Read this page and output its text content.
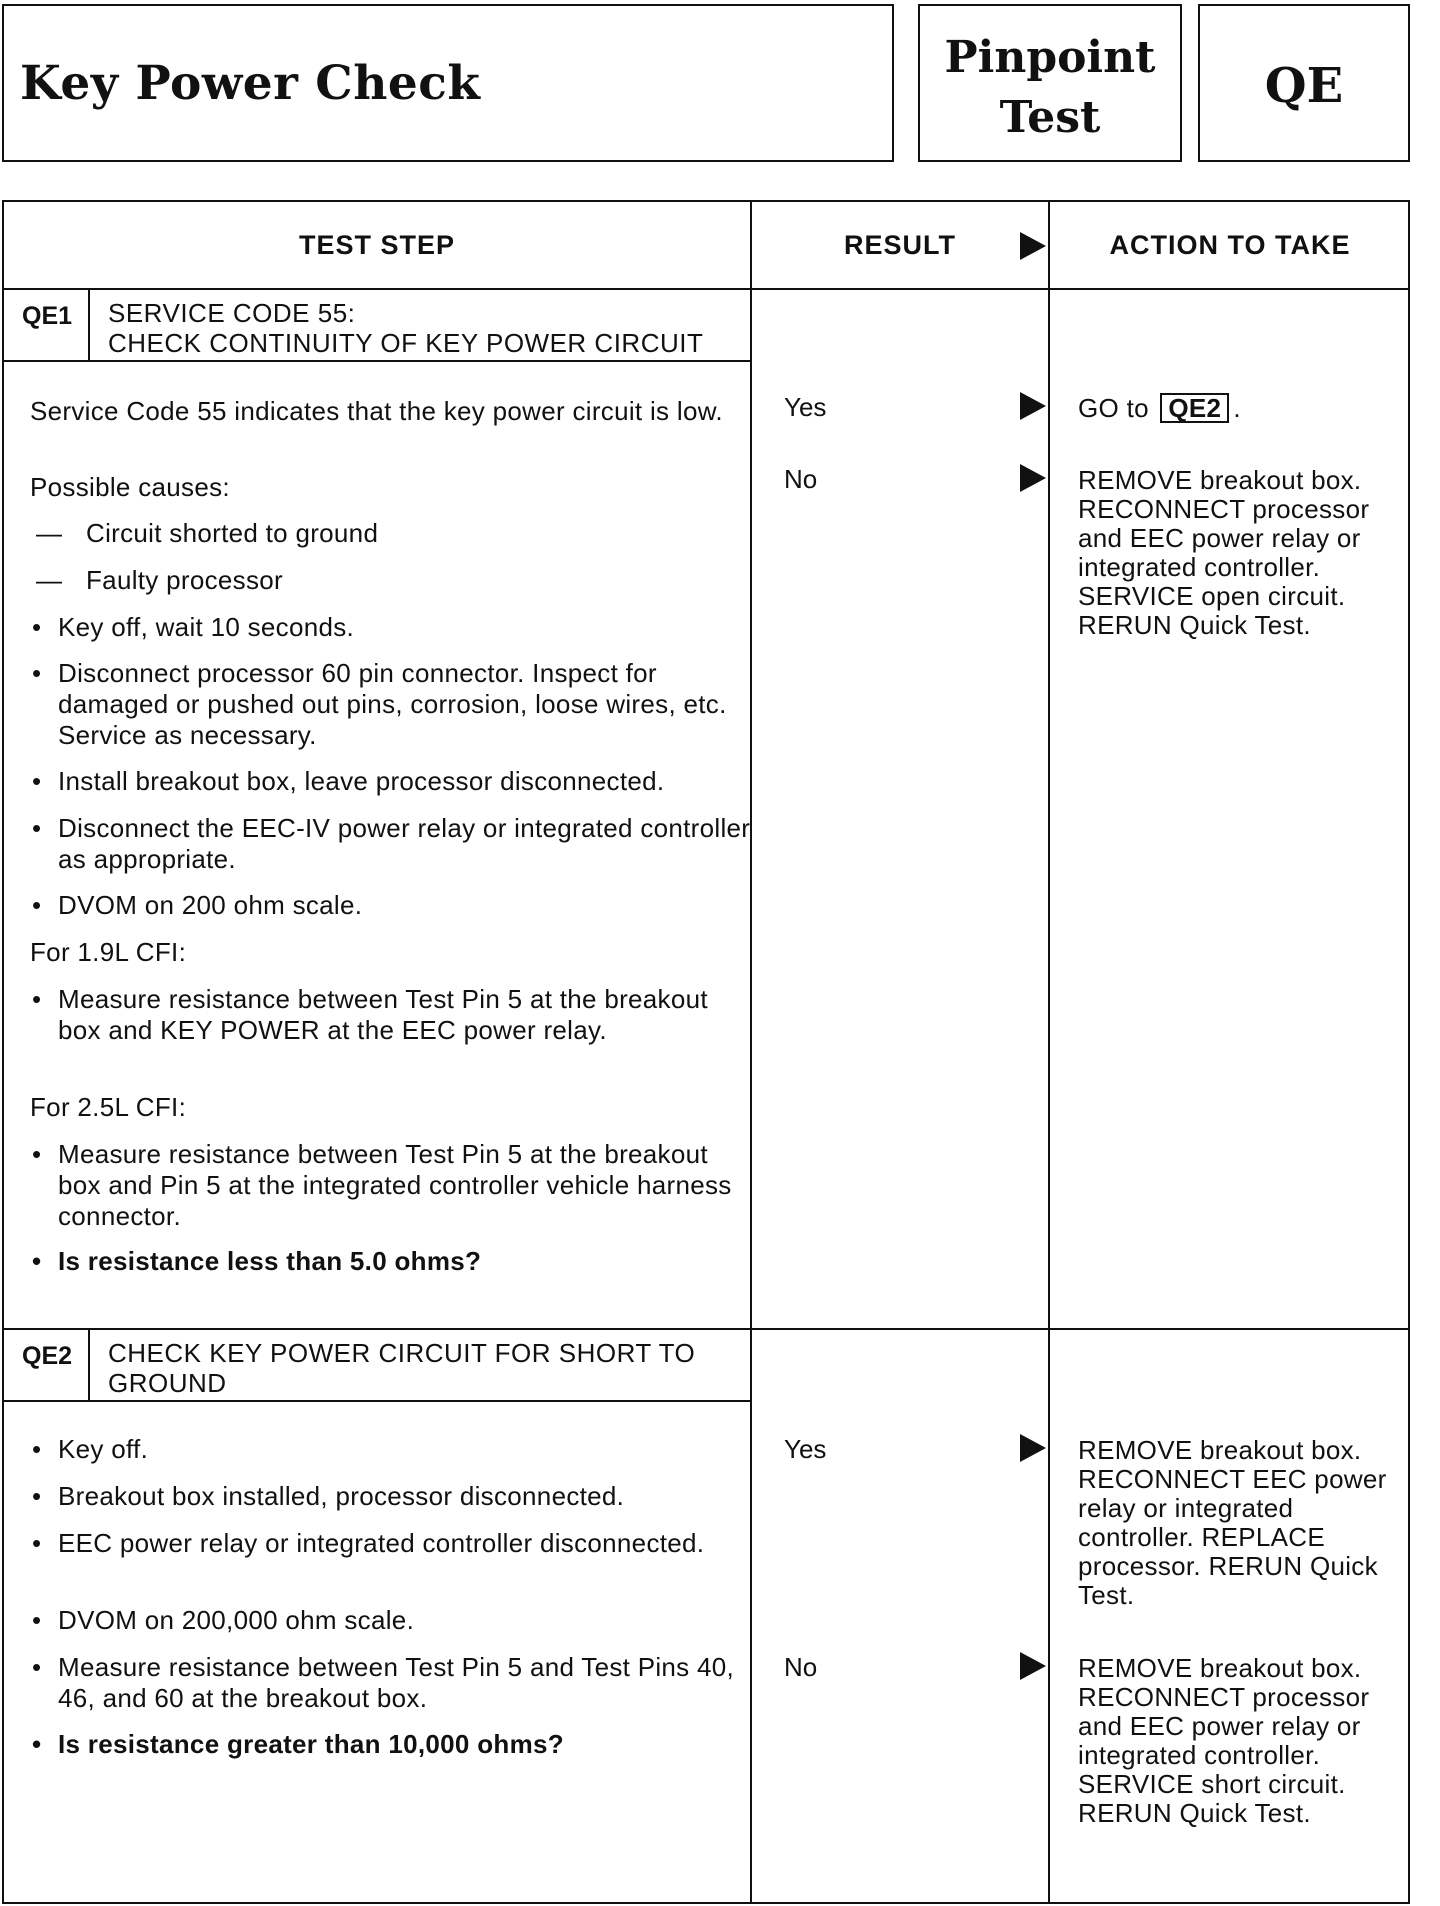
Key Power Check	Pinpoint
Test
QE
TEST STEP	RESULT	ACTION TO TAKE
QE1 SERVICE CODE 55:
CHECK CONTINUITY OF KEY POWER CIRCUIT
Service Code 55 indicates that the key power circuit is low.
Possible causes:
— Circuit shorted to ground
— Faulty processor
• Key off, wait 10 seconds.
• Disconnect processor 60 pin connector. Inspect for damaged or pushed out pins, corrosion, loose wires, etc. Service as necessary.
• Install breakout box, leave processor disconnected.
• Disconnect the EEC-IV power relay or integrated controller as appropriate.
• DVOM on 200 ohm scale.
For 1.9L CFI:
• Measure resistance between Test Pin 5 at the breakout box and KEY POWER at the EEC power relay.
For 2.5L CFI:
• Measure resistance between Test Pin 5 at the breakout box and Pin 5 at the integrated controller vehicle harness connector.
• Is resistance less than 5.0 ohms?
Yes	GO to QE2 .
No	REMOVE breakout box. RECONNECT processor and EEC power relay or integrated controller. SERVICE open circuit. RERUN Quick Test.
QE2 CHECK KEY POWER CIRCUIT FOR SHORT TO
GROUND
• Key off.
• Breakout box installed, processor disconnected.
• EEC power relay or integrated controller disconnected.
• DVOM on 200,000 ohm scale.
• Measure resistance between Test Pin 5 and Test Pins 40, 46, and 60 at the breakout box.
• Is resistance greater than 10,000 ohms?
Yes	REMOVE breakout box. RECONNECT EEC power relay or integrated controller. REPLACE processor. RERUN Quick Test.
No	REMOVE breakout box. RECONNECT processor and EEC power relay or integrated controller. SERVICE short circuit. RERUN Quick Test.
